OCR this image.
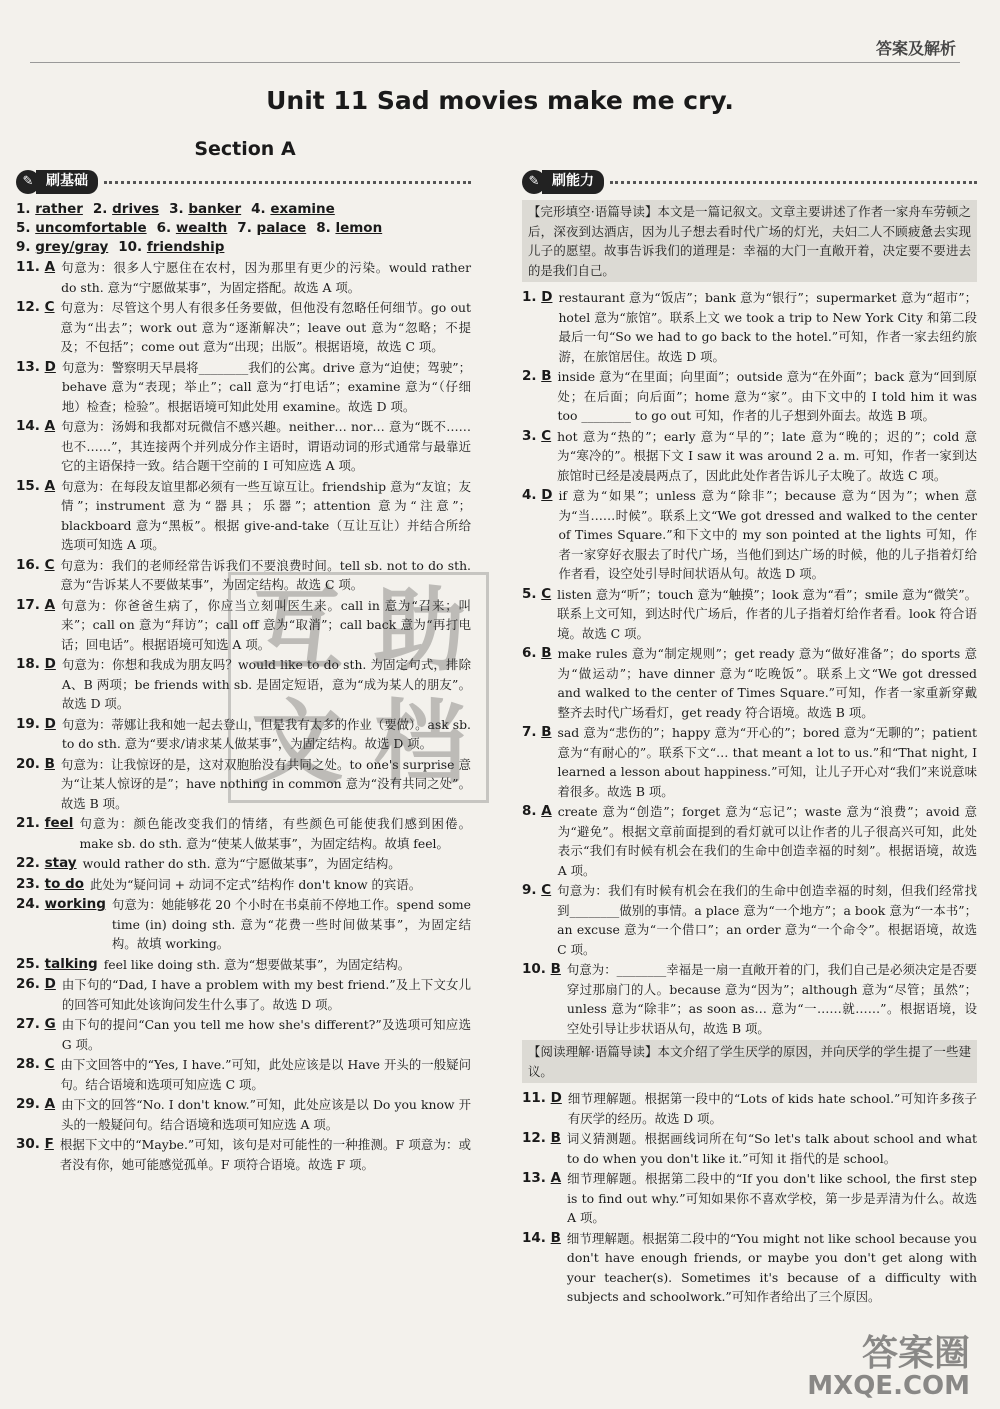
答案及解析
Unit 11 Sad movies make me cry.
Section A
✎ 刷基础
1. rather 2. drives 3. banker 4. examine
5. uncomfortable 6. wealth 7. palace 8. lemon
9. grey/gray 10. friendship
11. A 句意为：很多人宁愿住在农村，因为那里有更少的污染。would rather do sth. 意为“宁愿做某事”，为固定搭配。故选 A 项。
12. C 句意为：尽管这个男人有很多任务要做，但他没有忽略任何细节。go out 意为“出去”；work out 意为“逐渐解决”；leave out 意为“忽略；不提及；不包括”；come out 意为“出现；出版”。根据语境，故选 C 项。
13. D 句意为：警察明天早晨将________我们的公寓。drive 意为“迫使；驾驶”；behave 意为“表现；举止”；call 意为“打电话”；examine 意为“（仔细地）检查；检验”。根据语境可知此处用 examine。故选 D 项。
14. A 句意为：汤姆和我都对玩微信不感兴趣。neither… nor… 意为“既不……也不……”，其连接两个并列成分作主语时，谓语动词的形式通常与最靠近它的主语保持一致。结合题干空前的 I 可知应选 A 项。
15. A 句意为：在每段友谊里都必须有一些互谅互让。friendship 意为“友谊；友情”；instrument 意为“器具；乐器”；attention 意为“注意”；blackboard 意为“黑板”。根据 give-and-take（互让互让）并结合所给选项可知选 A 项。
16. C 句意为：我们的老师经常告诉我们不要浪费时间。tell sb. not to do sth. 意为“告诉某人不要做某事”，为固定结构。故选 C 项。
17. A 句意为：你爸爸生病了，你应当立刻叫医生来。call in 意为“召来；叫来”；call on 意为“拜访”；call off 意为“取消”；call back 意为“再打电话；回电话”。根据语境可知选 A 项。
18. D 句意为：你想和我成为朋友吗？would like to do sth. 为固定句式，排除 A、B 两项；be friends with sb. 是固定短语，意为“成为某人的朋友”。故选 D 项。
19. D 句意为：蒂娜让我和她一起去登山，但是我有太多的作业（要做）。ask sb. to do sth. 意为“要求/请求某人做某事”，为固定结构。故选 D 项。
20. B 句意为：让我惊讶的是，这对双胞胎没有共同之处。to one's surprise 意为“让某人惊讶的是”；have nothing in common 意为“没有共同之处”。故选 B 项。
21. feel 句意为：颜色能改变我们的情绪，有些颜色可能使我们感到困倦。make sb. do sth. 意为“使某人做某事”，为固定结构。故填 feel。
22. stay would rather do sth. 意为“宁愿做某事”，为固定结构。
23. to do 此处为“疑问词 + 动词不定式”结构作 don't know 的宾语。
24. working 句意为：她能够花 20 个小时在书桌前不停地工作。spend some time (in) doing sth. 意为“花费一些时间做某事”，为固定结构。故填 working。
25. talking feel like doing sth. 意为“想要做某事”，为固定结构。
26. D 由下句的“Dad, I have a problem with my best friend.”及上下文女儿的回答可知此处该询问发生什么事了。故选 D 项。
27. G 由下句的提问“Can you tell me how she's different?”及选项可知应选 G 项。
28. C 由下文回答中的“Yes, I have.”可知，此处应该是以 Have 开头的一般疑问句。结合语境和选项可知应选 C 项。
29. A 由下文的回答“No. I don't know.”可知，此处应该是以 Do you know 开头的一般疑问句。结合语境和选项可知应选 A 项。
30. F 根据下文中的“Maybe.”可知，该句是对可能性的一种推测。F 项意为：或者没有你，她可能感觉孤单。F 项符合语境。故选 F 项。
✎ 刷能力
【完形填空·语篇导读】本文是一篇记叙文。文章主要讲述了作者一家舟车劳顿之后，深夜到达酒店，因为儿子想去看时代广场的灯光，夫妇二人不顾疲惫去实现儿子的愿望。故事告诉我们的道理是：幸福的大门一直敞开着，决定要不要进去的是我们自己。
1. D restaurant 意为“饭店”；bank 意为“银行”；supermarket 意为“超市”；hotel 意为“旅馆”。联系上文 we took a trip to New York City 和第二段最后一句“So we had to go back to the hotel.”可知，作者一家去纽约旅游，在旅馆居住。故选 D 项。
2. B inside 意为“在里面；向里面”；outside 意为“在外面”；back 意为“回到原处；在后面；向后面”；home 意为“家”。由下文中的 I told him it was too ________ to go out 可知，作者的儿子想到外面去。故选 B 项。
3. C hot 意为“热的”；early 意为“早的”；late 意为“晚的；迟的”；cold 意为“寒冷的”。根据下文 I saw it was around 2 a. m. 可知，作者一家到达旅馆时已经是凌晨两点了，因此此处作者告诉儿子太晚了。故选 C 项。
4. D if 意为“如果”；unless 意为“除非”；because 意为“因为”；when 意为“当……时候”。联系上文“We got dressed and walked to the center of Times Square.”和下文中的 my son pointed at the lights 可知，作者一家穿好衣服去了时代广场，当他们到达广场的时候，他的儿子指着灯给作者看，设空处引导时间状语从句。故选 D 项。
5. C listen 意为“听”；touch 意为“触摸”；look 意为“看”；smile 意为“微笑”。联系上文可知，到达时代广场后，作者的儿子指着灯给作者看。look 符合语境。故选 C 项。
6. B make rules 意为“制定规则”；get ready 意为“做好准备”；do sports 意为“做运动”；have dinner 意为“吃晚饭”。联系上文“We got dressed and walked to the center of Times Square.”可知，作者一家重新穿戴整齐去时代广场看灯，get ready 符合语境。故选 B 项。
7. B sad 意为“悲伤的”；happy 意为“开心的”；bored 意为“无聊的”；patient 意为“有耐心的”。联系下文“… that meant a lot to us.”和“That night, I learned a lesson about happiness.”可知，让儿子开心对“我们”来说意味着很多。故选 B 项。
8. A create 意为“创造”；forget 意为“忘记”；waste 意为“浪费”；avoid 意为“避免”。根据文章前面提到的看灯就可以让作者的儿子很高兴可知，此处表示“我们有时候有机会在我们的生命中创造幸福的时刻”。根据语境，故选 A 项。
9. C 句意为：我们有时候有机会在我们的生命中创造幸福的时刻，但我们经常找到________做别的事情。a place 意为“一个地方”；a book 意为“一本书”；an excuse 意为“一个借口”；an order 意为“一个命令”。根据语境，故选 C 项。
10. B 句意为：________幸福是一扇一直敞开着的门，我们自己是必须决定是否要穿过那扇门的人。because 意为“因为”；although 意为“尽管；虽然”；unless 意为“除非”；as soon as… 意为“一……就……”。根据语境，设空处引导让步状语从句，故选 B 项。
【阅读理解·语篇导读】本文介绍了学生厌学的原因，并向厌学的学生提了一些建议。
11. D 细节理解题。根据第一段中的“Lots of kids hate school.”可知许多孩子有厌学的经历。故选 D 项。
12. B 词义猜测题。根据画线词所在句“So let's talk about school and what to do when you don't like it.”可知 it 指代的是 school。
13. A 细节理解题。根据第二段中的“If you don't like school, the first step is to find out why.”可知如果你不喜欢学校，第一步是弄清为什么。故选 A 项。
14. B 细节理解题。根据第二段中的“You might not like school because you don't have enough friends, or maybe you don't get along with your teacher(s). Sometimes it's because of a difficulty with subjects and schoolwork.”可知作者给出了三个原因。
互 助
文 档
答案圈
MXQE.COM
